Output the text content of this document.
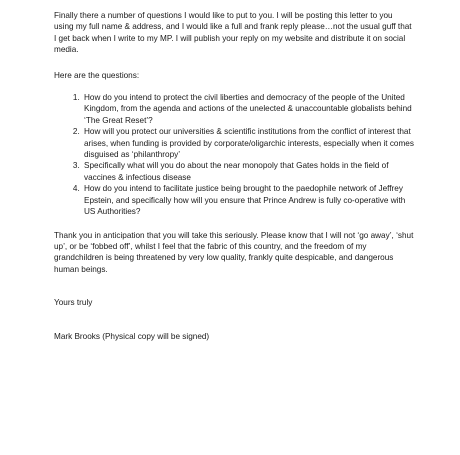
Finally there a number of questions I would like to put to you. I will be posting this letter to you using my full name & address, and I would like a full and frank reply please…not the usual guff that I get back when I write to my MP. I will publish your reply on my website and distribute it on social media.

Here are the questions:

1. How do you intend to protect the civil liberties and democracy of the people of the United Kingdom, from the agenda and actions of the unelected & unaccountable globalists behind ‘The Great Reset’?
2. How will you protect our universities & scientific institutions from the conflict of interest that arises, when funding is provided by corporate/oligarchic interests, especially when it comes disguised as ‘philanthropy’
3. Specifically what will you do about the near monopoly that Gates holds in the field of vaccines & infectious disease
4. How do you intend to facilitate justice being brought to the paedophile network of Jeffrey Epstein, and specifically how will you ensure that Prince Andrew is fully co-operative with US Authorities?

Thank you in anticipation that you will take this seriously. Please know that I will not ‘go away’, ‘shut up’, or be ‘fobbed off’, whilst I feel that the fabric of this country, and the freedom of my grandchildren is being threatened by very low quality, frankly quite despicable, and dangerous human beings.

Yours truly

Mark Brooks (Physical copy will be signed)
